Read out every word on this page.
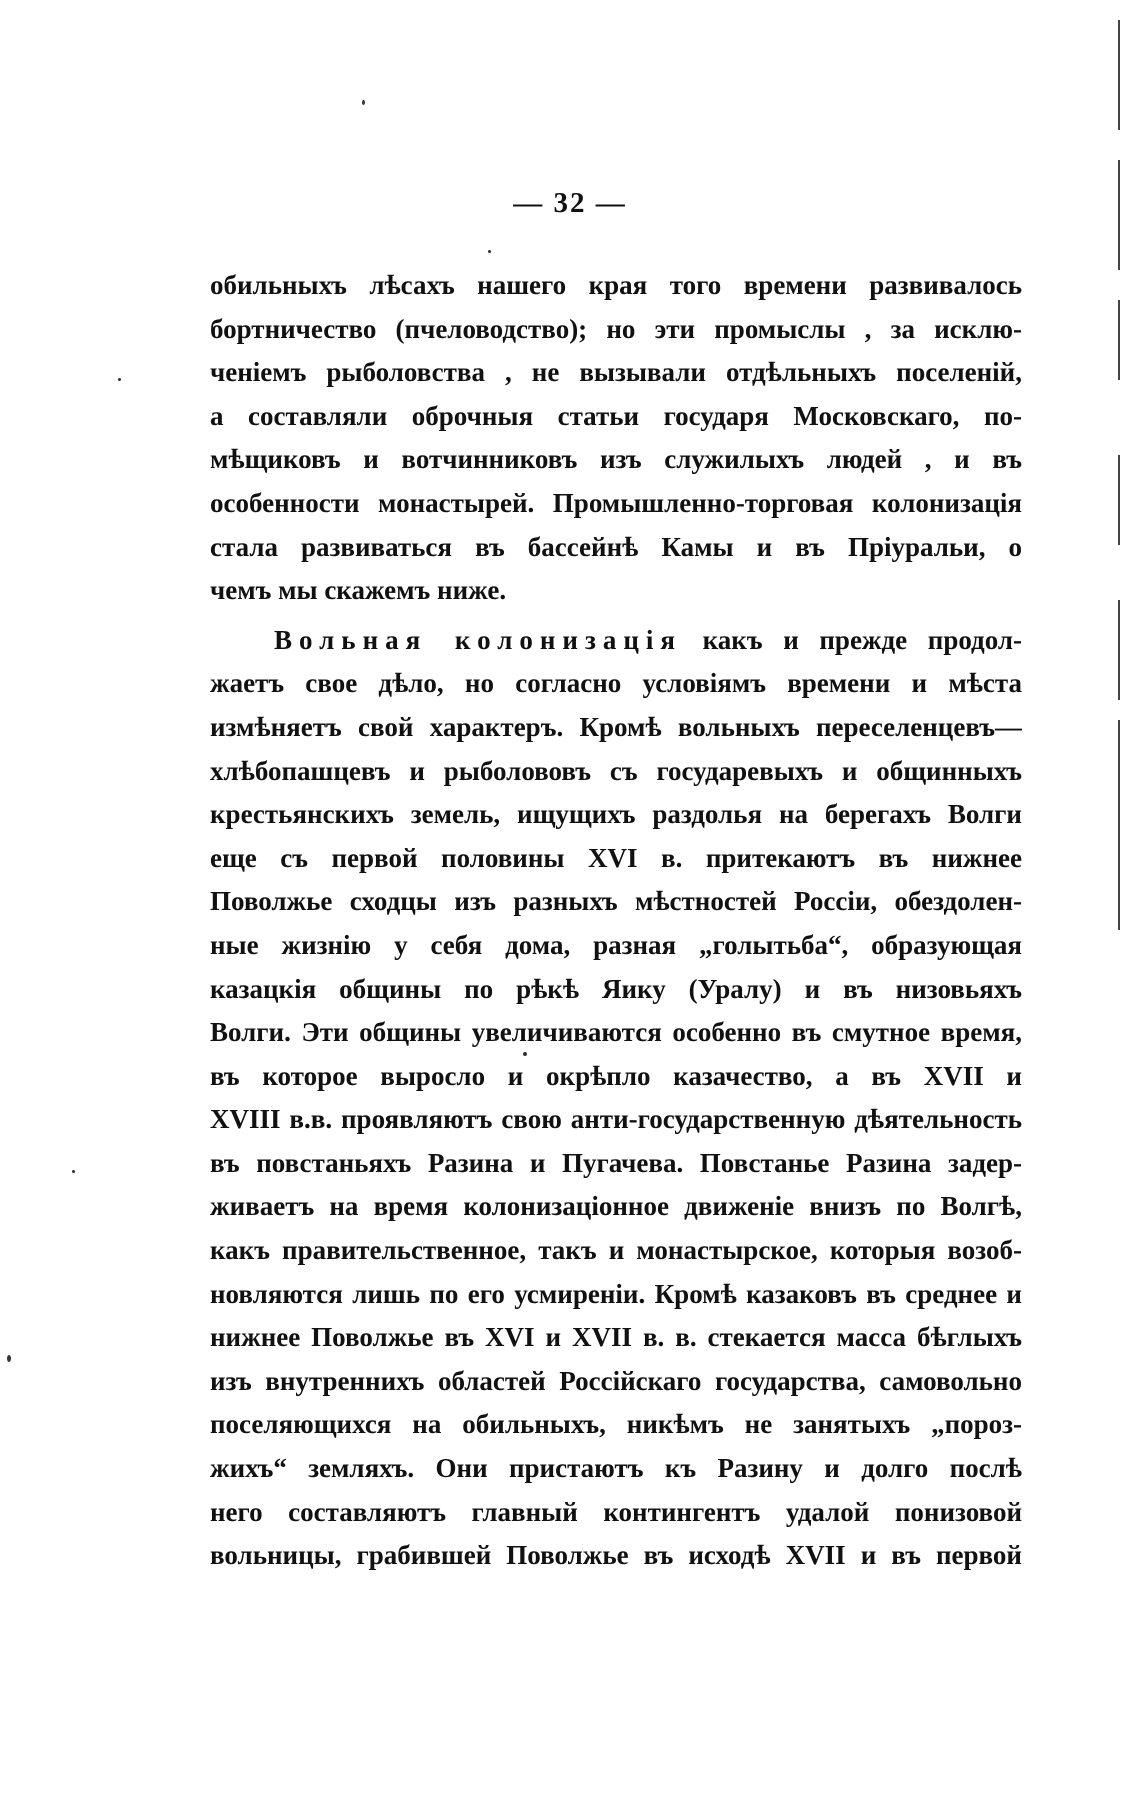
— 32 —
обильныхъ лѣсахъ нашего края того времени развивалось
бортничество (пчеловодство); но эти промыслы , за исклю-
ченіемъ рыболовства , не вызывали отдѣльныхъ поселеній,
а составляли оброчныя статьи государя Московскаго, по-
мѣщиковъ и вотчинниковъ изъ служилыхъ людей , и въ
особенности монастырей. Промышленно-торговая колонизація
стала развиваться въ бассейнѣ Камы и въ Пріуральи, о
чемъ мы скажемъ ниже.
Вольная колонизація какъ и прежде продол-
жаетъ свое дѣло, но согласно условіямъ времени и мѣста
измѣняетъ свой характеръ. Кромѣ вольныхъ переселенцевъ—
хлѣбопашцевъ и рыболововъ съ государевыхъ и общинныхъ
крестьянскихъ земель, ищущихъ раздолья на берегахъ Волги
еще съ первой половины XVI в. притекаютъ въ нижнее
Поволжье сходцы изъ разныхъ мѣстностей Россіи, обездолен-
ные жизнію у себя дома, разная „голытьба“, образующая
казацкія общины по рѣкѣ Яику (Уралу) и въ низовьяхъ
Волги. Эти общины увеличиваются особенно въ смутное время,
въ которое выросло и окрѣпло казачество, а въ XVII и
XVIII в.в. проявляютъ свою анти-государственную дѣятельность
въ повстаньяхъ Разина и Пугачева. Повстанье Разина задер-
живаетъ на время колонизаціонное движеніе внизъ по Волгѣ,
какъ правительственное, такъ и монастырское, которыя возоб-
новляются лишь по его усмиреніи. Кромѣ казаковъ въ среднее и
нижнее Поволжье въ XVI и XVII в. в. стекается масса бѣглыхъ
изъ внутреннихъ областей Россійскаго государства, самовольно
поселяющихся на обильныхъ, никѣмъ не занятыхъ „пороз-
жихъ“ земляхъ. Они пристаютъ къ Разину и долго послѣ
него составляютъ главный контингентъ удалой понизовой
вольницы, грабившей Поволжье въ исходѣ XVII и въ первой
